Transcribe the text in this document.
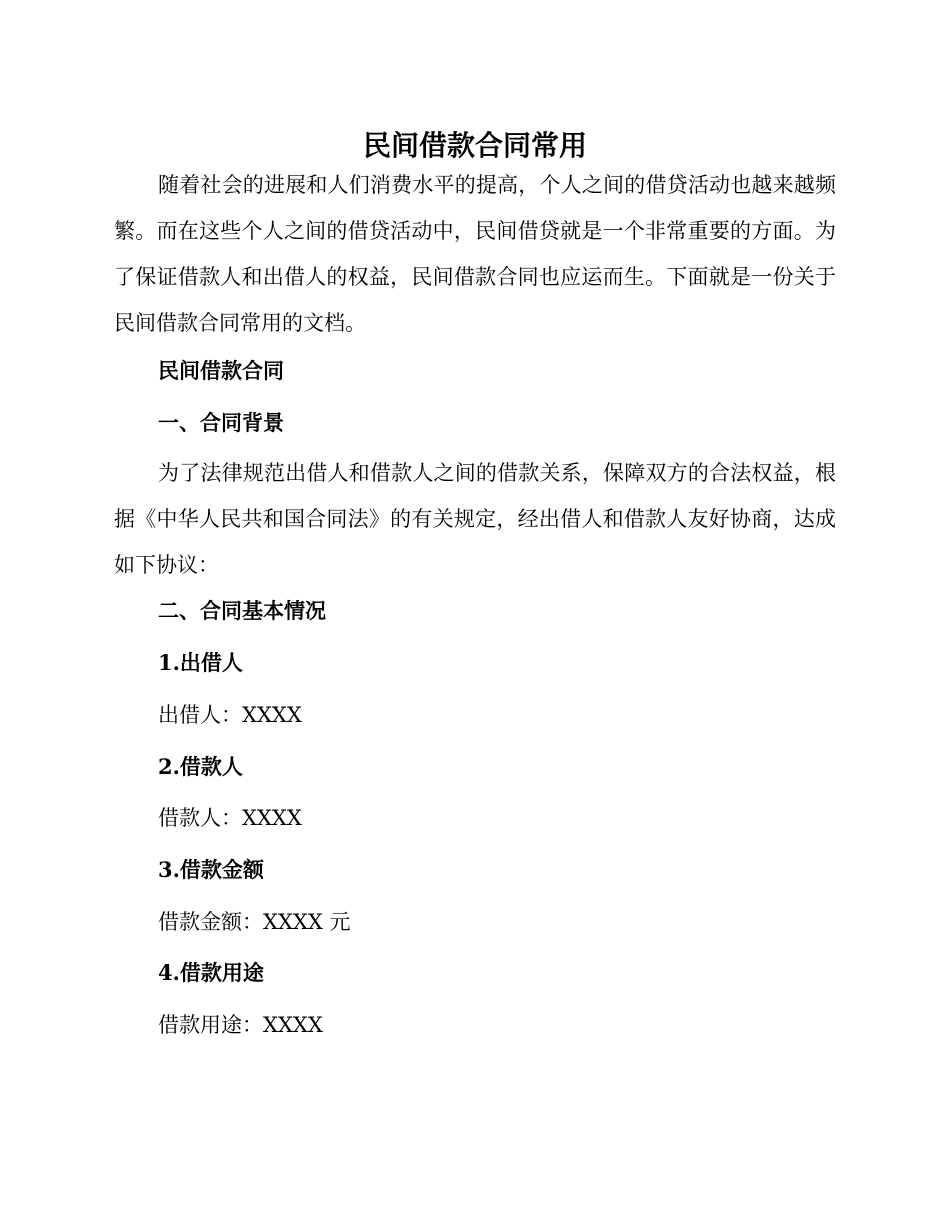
民间借款合同常用

随着社会的进展和人们消费水平的提高，个人之间的借贷活动也越来越频繁。而在这些个人之间的借贷活动中，民间借贷就是一个非常重要的方面。为了保证借款人和出借人的权益，民间借款合同也应运而生。下面就是一份关于民间借款合同常用的文档。

民间借款合同

一、合同背景

为了法律规范出借人和借款人之间的借款关系，保障双方的合法权益，根据《中华人民共和国合同法》的有关规定，经出借人和借款人友好协商，达成如下协议：

二、合同基本情况

1.出借人

出借人：XXXX

2.借款人

借款人：XXXX

3.借款金额

借款金额：XXXX 元

4.借款用途

借款用途：XXXX
